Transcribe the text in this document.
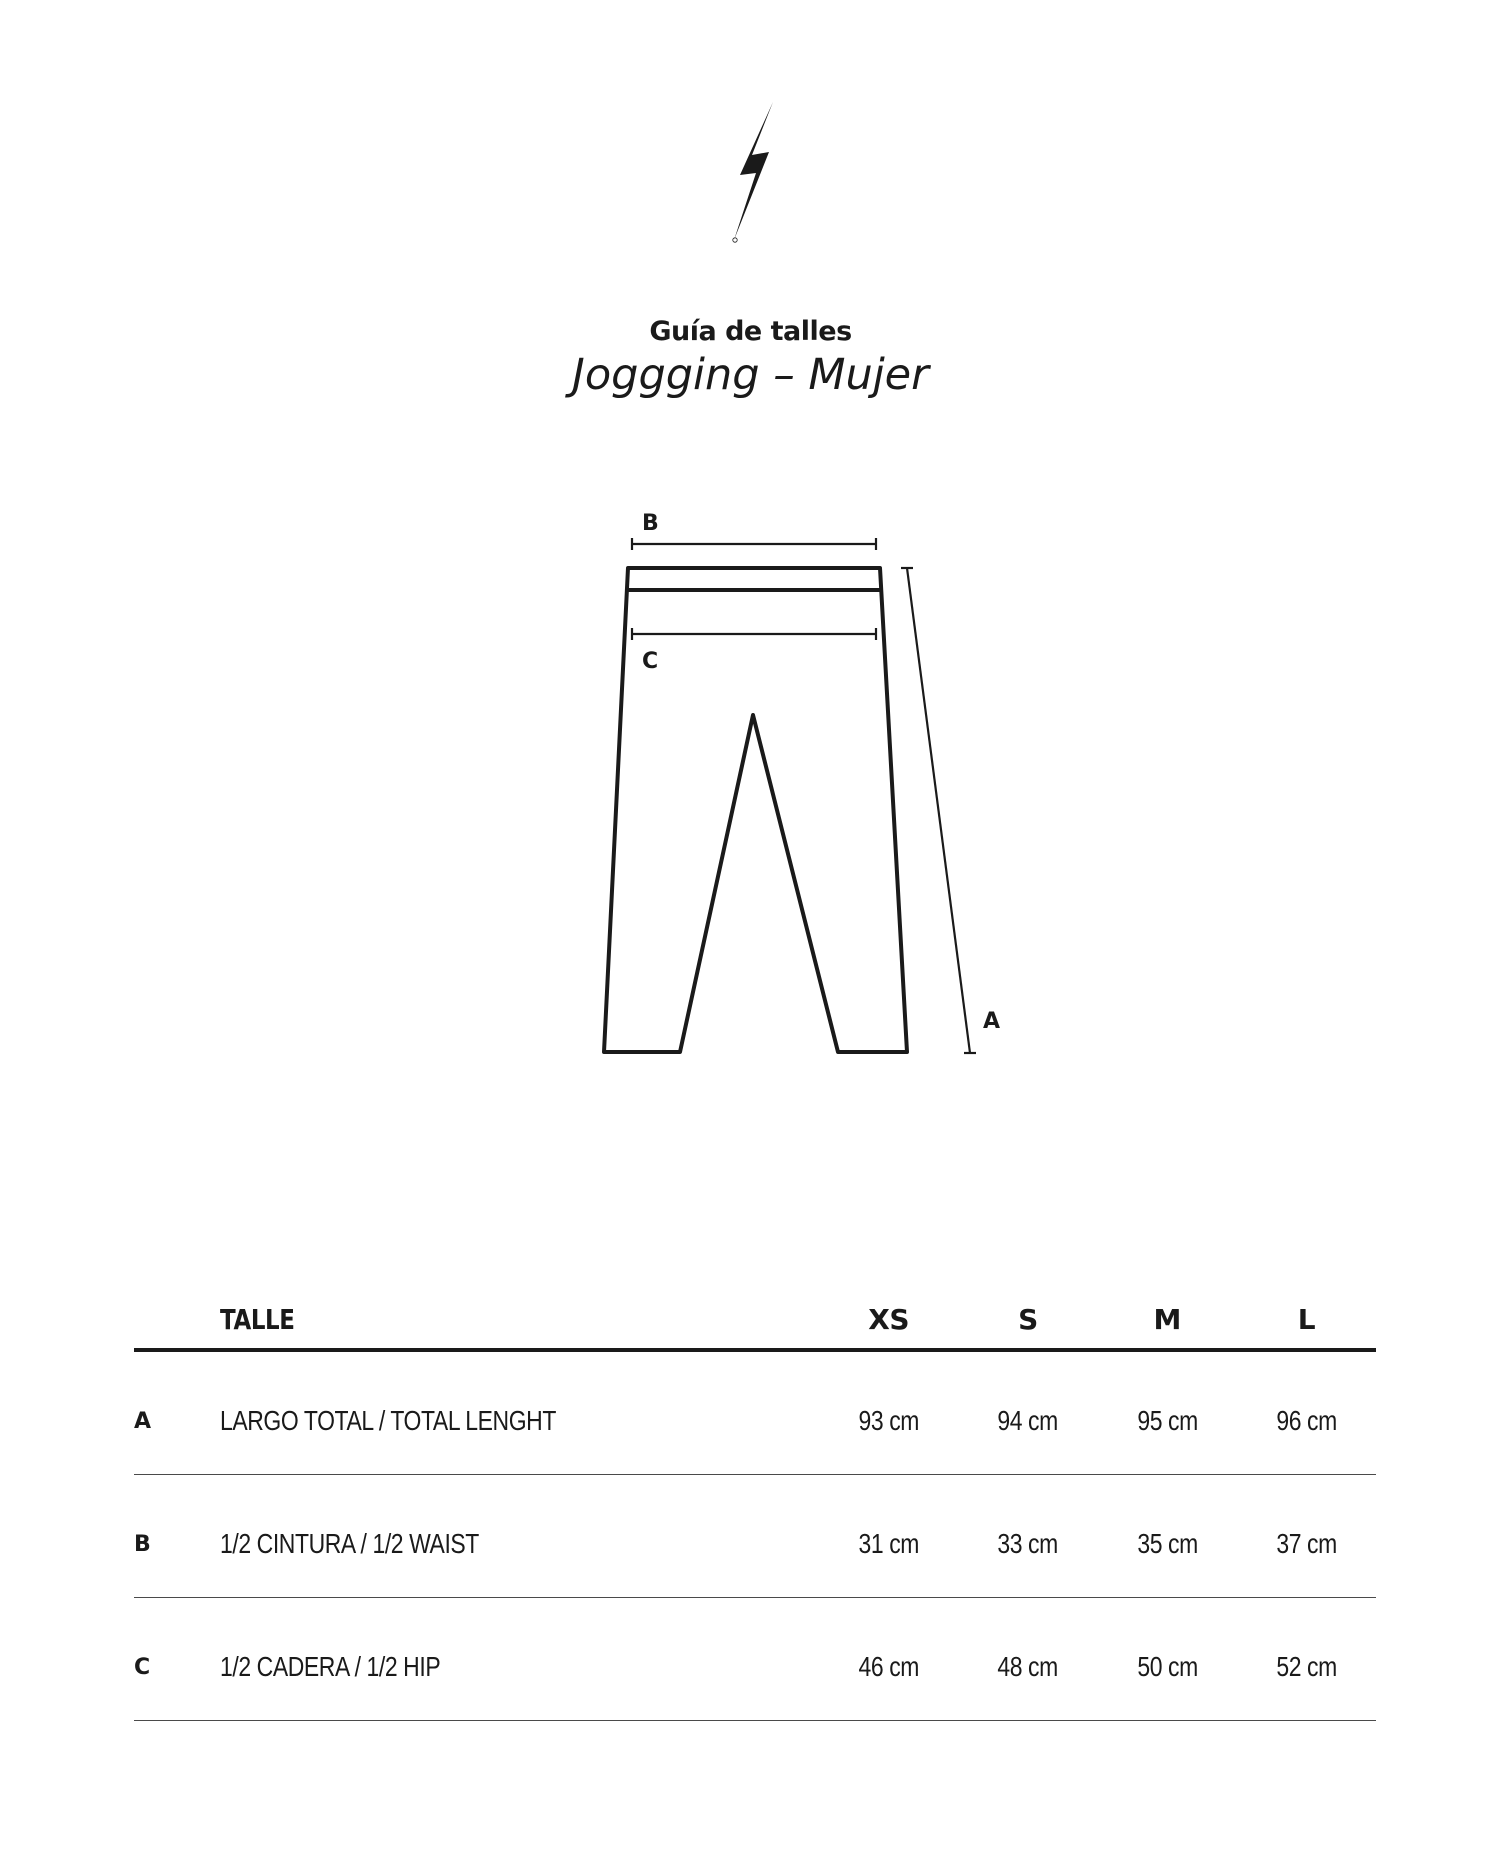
Guía de talles
Joggging – Mujer
B
C
A
	TALLE	XS	S	M	L
A	LARGO TOTAL / TOTAL LENGHT	93 cm	94 cm	95 cm	96 cm
B	1/2 CINTURA / 1/2 WAIST	31 cm	33 cm	35 cm	37 cm
C	1/2 CADERA / 1/2 HIP	46 cm	48 cm	50 cm	52 cm
